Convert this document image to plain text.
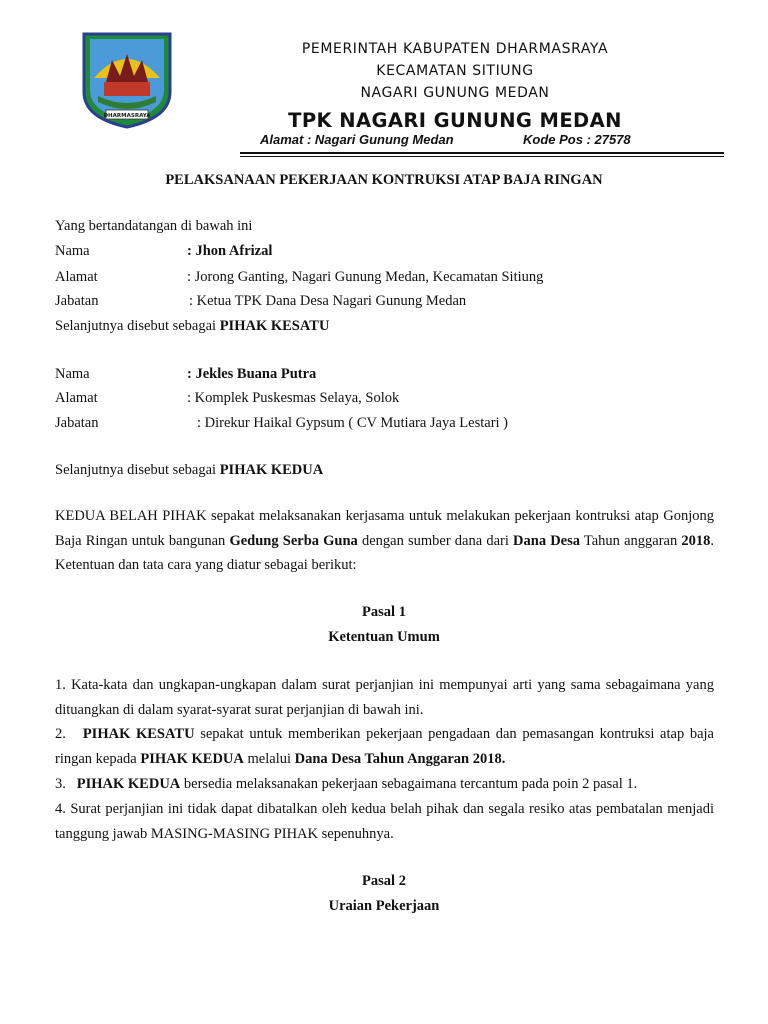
DHARMASRAYA
PEMERINTAH KABUPATEN DHARMASRAYA
KECAMATAN SITIUNG
NAGARI GUNUNG MEDAN
TPK NAGARI GUNUNG MEDAN
Alamat : Nagari Gunung Medan	Kode Pos : 27578
PELAKSANAAN PEKERJAAN KONTRUKSI ATAP BAJA RINGAN
Yang bertandatangan di bawah ini
Nama	: Jhon Afrizal
Alamat	: Jorong Ganting, Nagari Gunung Medan, Kecamatan Sitiung
Jabatan	: Ketua TPK Dana Desa Nagari Gunung Medan
Selanjutnya disebut sebagai PIHAK KESATU
Nama	: Jekles Buana Putra
Alamat	: Komplek Puskesmas Selaya, Solok
Jabatan	: Direkur Haikal Gypsum ( CV Mutiara Jaya Lestari )
Selanjutnya disebut sebagai PIHAK KEDUA
KEDUA BELAH PIHAK sepakat melaksanakan kerjasama untuk melakukan pekerjaan kontruksi atap Gonjong Baja Ringan untuk bangunan Gedung Serba Guna dengan sumber dana dari Dana Desa Tahun anggaran 2018. Ketentuan dan tata cara yang diatur sebagai berikut:
Pasal 1
Ketentuan Umum
1. Kata-kata dan ungkapan-ungkapan dalam surat perjanjian ini mempunyai arti yang sama sebagaimana yang dituangkan di dalam syarat-syarat surat perjanjian di bawah ini.
2. PIHAK KESATU sepakat untuk memberikan pekerjaan pengadaan dan pemasangan kontruksi atap baja ringan kepada PIHAK KEDUA melalui Dana Desa Tahun Anggaran 2018.
3. PIHAK KEDUA bersedia melaksanakan pekerjaan sebagaimana tercantum pada poin 2 pasal 1.
4. Surat perjanjian ini tidak dapat dibatalkan oleh kedua belah pihak dan segala resiko atas pembatalan menjadi tanggung jawab MASING-MASING PIHAK sepenuhnya.
Pasal 2
Uraian Pekerjaan
